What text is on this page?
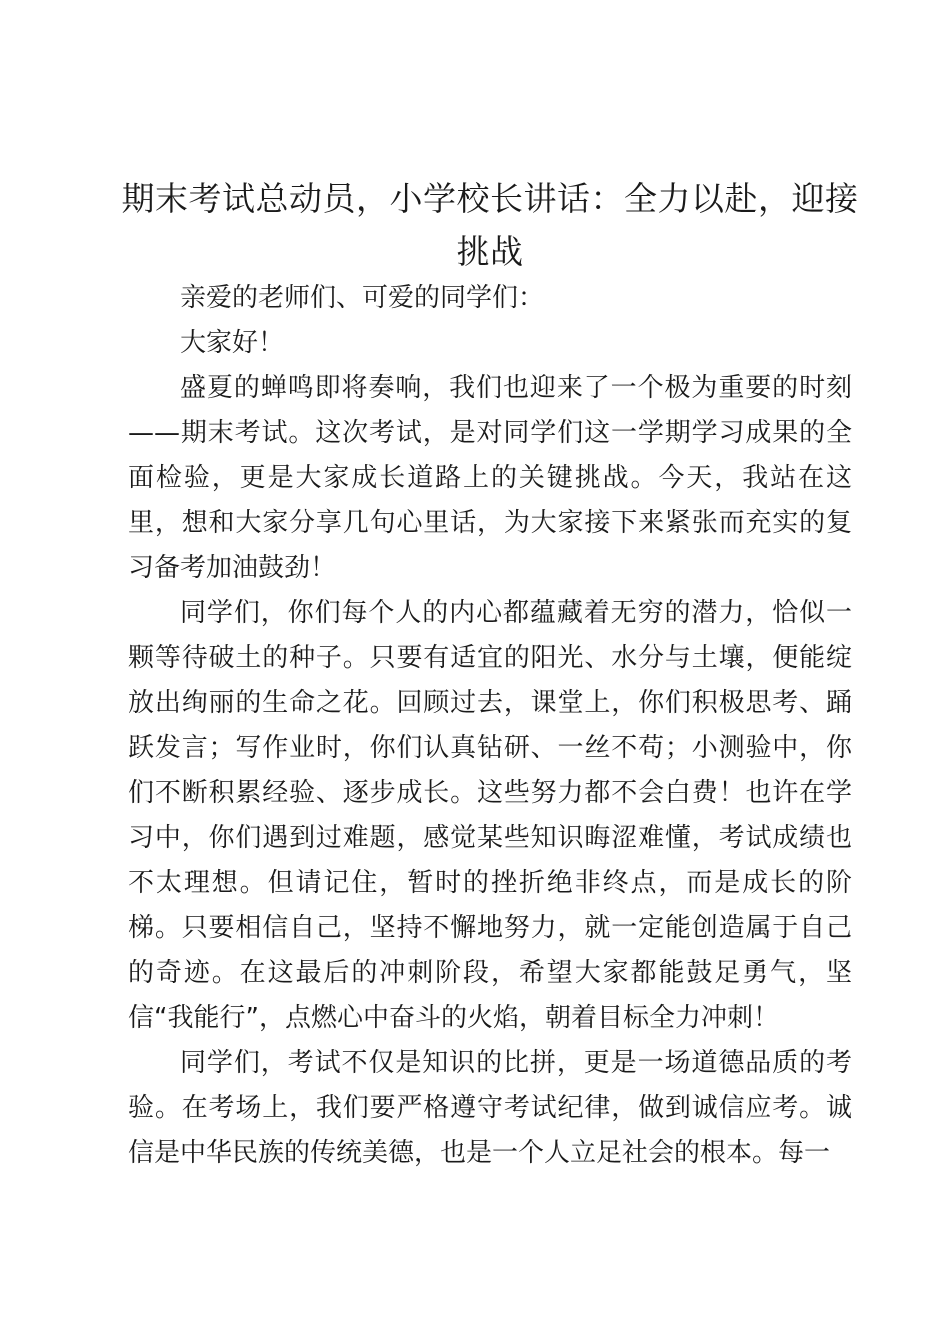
期末考试总动员，小学校长讲话：全力以赴，迎接挑战

亲爱的老师们、可爱的同学们：

大家好！

盛夏的蝉鸣即将奏响，我们也迎来了一个极为重要的时刻——期末考试。这次考试，是对同学们这一学期学习成果的全面检验，更是大家成长道路上的关键挑战。今天，我站在这里，想和大家分享几句心里话，为大家接下来紧张而充实的复习备考加油鼓劲！

同学们，你们每个人的内心都蕴藏着无穷的潜力，恰似一颗等待破土的种子。只要有适宜的阳光、水分与土壤，便能绽放出绚丽的生命之花。回顾过去，课堂上，你们积极思考、踊跃发言；写作业时，你们认真钻研、一丝不苟；小测验中，你们不断积累经验、逐步成长。这些努力都不会白费！也许在学习中，你们遇到过难题，感觉某些知识晦涩难懂，考试成绩也不太理想。但请记住，暂时的挫折绝非终点，而是成长的阶梯。只要相信自己，坚持不懈地努力，就一定能创造属于自己的奇迹。在这最后的冲刺阶段，希望大家都能鼓足勇气，坚信“我能行”，点燃心中奋斗的火焰，朝着目标全力冲刺！

同学们，考试不仅是知识的比拼，更是一场道德品质的考验。在考场上，我们要严格遵守考试纪律，做到诚信应考。诚信是中华民族的传统美德，也是一个人立足社会的根本。每一
